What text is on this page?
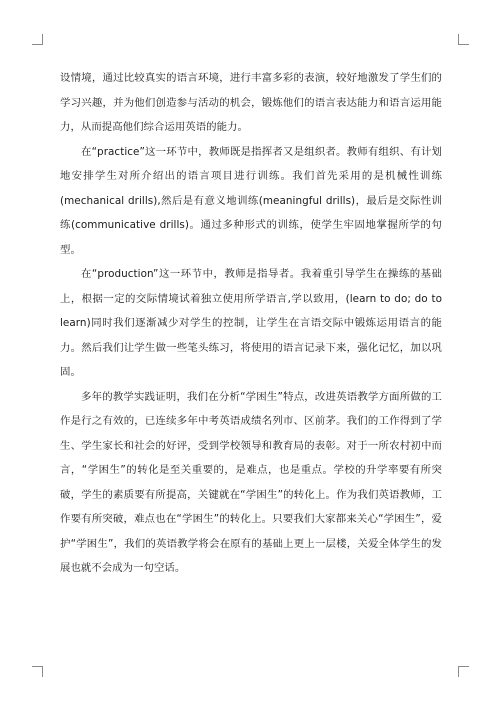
设情境，通过比较真实的语言环境，进行丰富多彩的表演，较好地激发了学生们的学习兴趣，并为他们创造参与活动的机会，锻炼他们的语言表达能力和语言运用能力，从而提高他们综合运用英语的能力。

在“practice”这一环节中，教师既是指挥者又是组织者。教师有组织、有计划地安排学生对所介绍出的语言项目进行训练。我们首先采用的是机械性训练(mechanical drills),然后是有意义地训练(meaningful drills)，最后是交际性训练(communicative drills)。通过多种形式的训练，使学生牢固地掌握所学的句型。

在“production”这一环节中，教师是指导者。我着重引导学生在操练的基础上，根据一定的交际情境试着独立使用所学语言,学以致用，(learn to do; do to learn)同时我们逐渐减少对学生的控制，让学生在言语交际中锻炼运用语言的能力。然后我们让学生做一些笔头练习，将使用的语言记录下来，强化记忆，加以巩固。

多年的教学实践证明，我们在分析“学困生”特点，改进英语教学方面所做的工作是行之有效的，已连续多年中考英语成绩名列市、区前茅。我们的工作得到了学生、学生家长和社会的好评，受到学校领导和教育局的表彰。对于一所农村初中而言，“学困生”的转化是至关重要的，是难点，也是重点。学校的升学率要有所突破，学生的素质要有所提高，关键就在“学困生”的转化上。作为我们英语教师，工作要有所突破，难点也在“学困生”的转化上。只要我们大家都来关心“学困生”，爱护“学困生”，我们的英语教学将会在原有的基础上更上一层楼，关爱全体学生的发展也就不会成为一句空话。
